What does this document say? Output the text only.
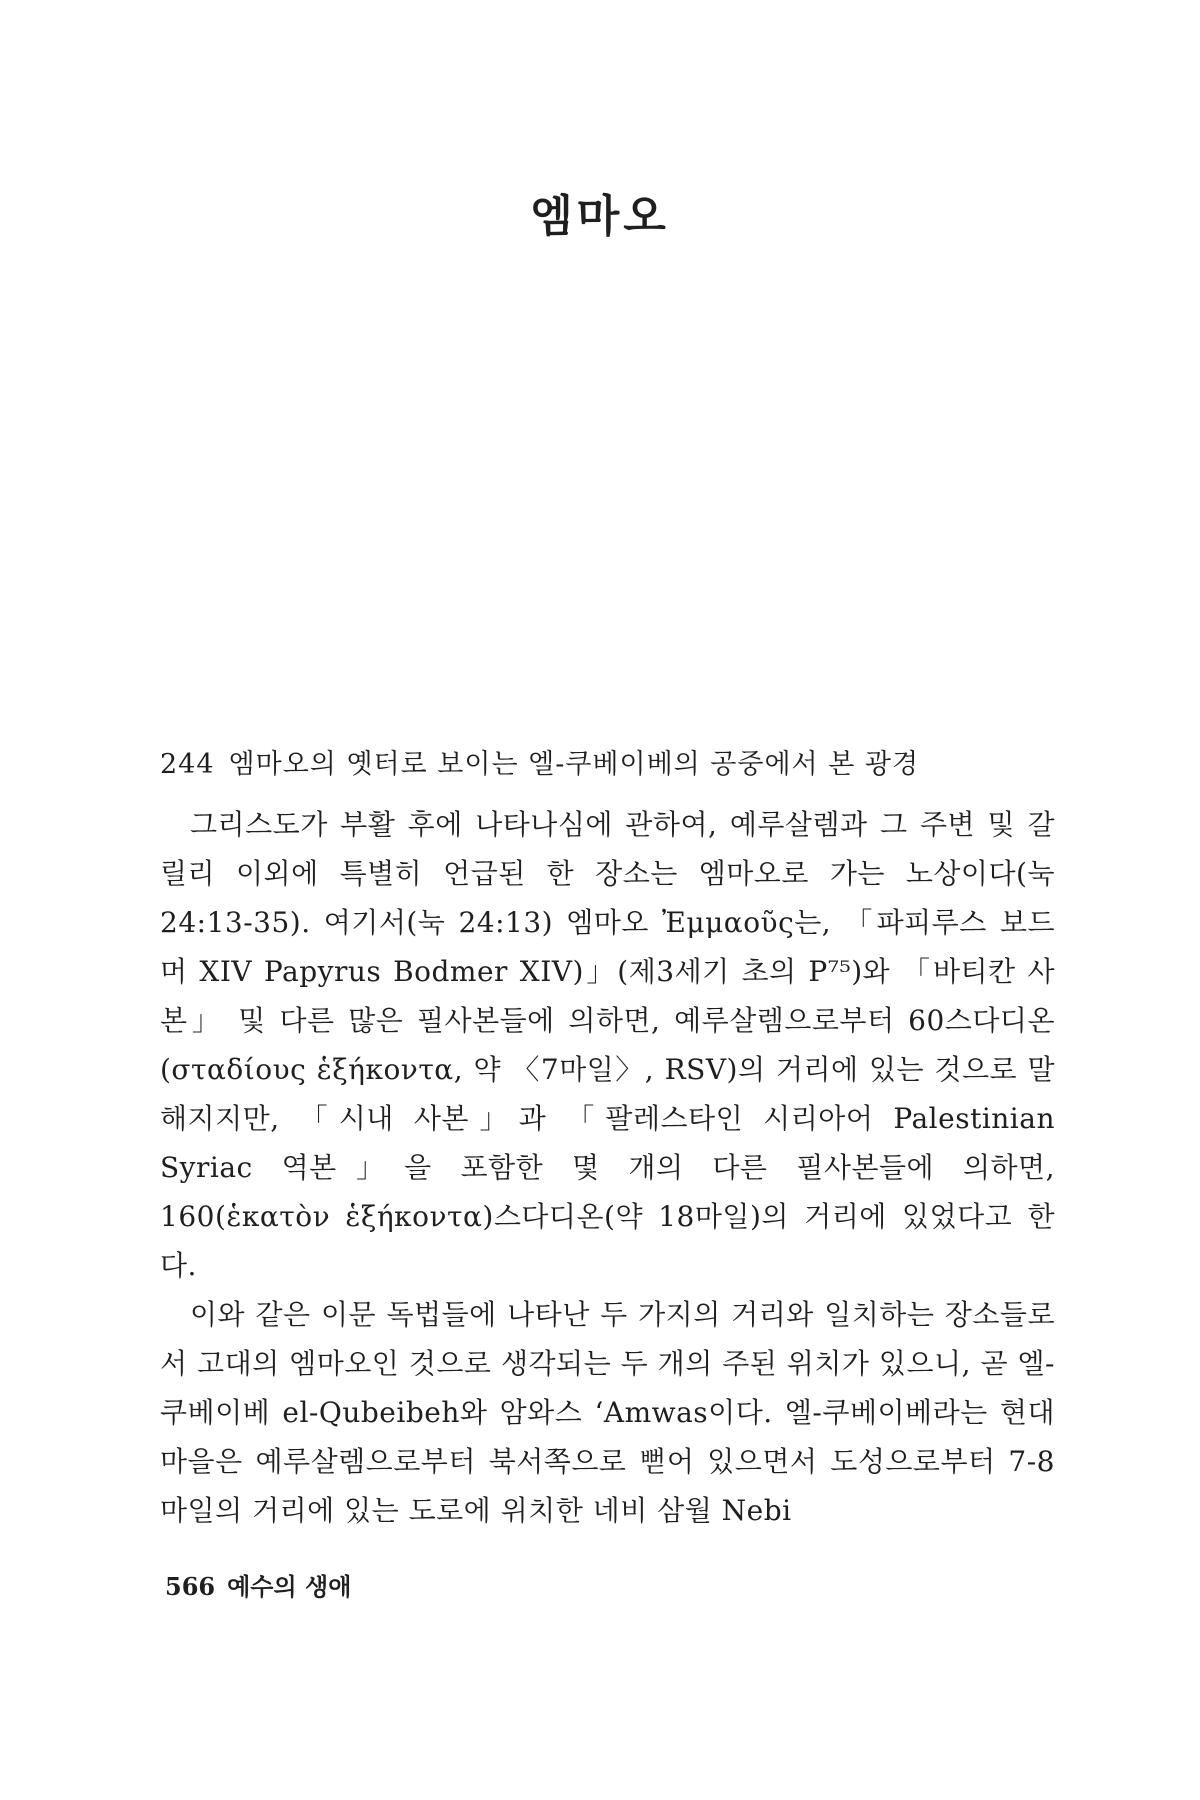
엠마오
244 엠마오의 옛터로 보이는 엘-쿠베이베의 공중에서 본 광경

그리스도가 부활 후에 나타나심에 관하여, 예루살렘과 그 주변 및 갈릴리 이외에 특별히 언급된 한 장소는 엠마오로 가는 노상이다(눅 24:13-35). 여기서(눅 24:13) 엠마오 Ἐμμαοῦς는, 「파피루스 보드머 XIV Papyrus Bodmer XIV)」(제3세기 초의 P⁷⁵)와 「바티칸 사본」 및 다른 많은 필사본들에 의하면, 예루살렘으로부터 60스다디온(σταδίους ἑξήκοντα, 약 〈7마일〉, RSV)의 거리에 있는 것으로 말해지지만, 「시내 사본」과 「팔레스타인 시리아어 Palestinian Syriac 역본」을 포함한 몇 개의 다른 필사본들에 의하면, 160(ἑκατὸν ἑξήκοντα)스다디온(약 18마일)의 거리에 있었다고 한다.

이와 같은 이문 독법들에 나타난 두 가지의 거리와 일치하는 장소들로서 고대의 엠마오인 것으로 생각되는 두 개의 주된 위치가 있으니, 곧 엘-쿠베이베 el-Qubeibeh와 암와스 ‘Amwas이다. 엘-쿠베이베라는 현대 마을은 예루살렘으로부터 북서쪽으로 뻗어 있으면서 도성으로부터 7-8마일의 거리에 있는 도로에 위치한 네비 삼월 Nebi

566 예수의 생애
